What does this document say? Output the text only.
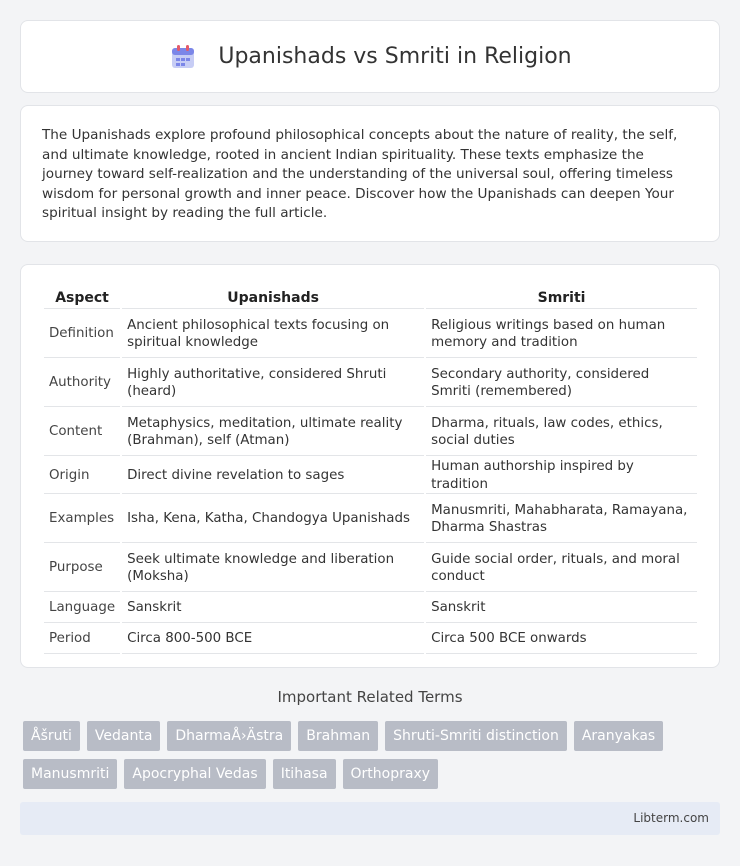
Upanishads vs Smriti in Religion

The Upanishads explore profound philosophical concepts about the nature of reality, the self, and ultimate knowledge, rooted in ancient Indian spirituality. These texts emphasize the journey toward self-realization and the understanding of the universal soul, offering timeless wisdom for personal growth and inner peace. Discover how the Upanishads can deepen Your spiritual insight by reading the full article.

Aspect	Upanishads	Smriti
Definition	Ancient philosophical texts focusing on spiritual knowledge	Religious writings based on human memory and tradition
Authority	Highly authoritative, considered Shruti (heard)	Secondary authority, considered Smriti (remembered)
Content	Metaphysics, meditation, ultimate reality (Brahman), self (Atman)	Dharma, rituals, law codes, ethics, social duties
Origin	Direct divine revelation to sages	Human authorship inspired by tradition
Examples	Isha, Kena, Katha, Chandogya Upanishads	Manusmriti, Mahabharata, Ramayana, Dharma Shastras
Purpose	Seek ultimate knowledge and liberation (Moksha)	Guide social order, rituals, and moral conduct
Language	Sanskrit	Sanskrit
Period	Circa 800-500 BCE	Circa 500 BCE onwards
Important Related Terms
Åšruti	Vedanta	DharmaÅ›Ästra	Brahman	Shruti-Smriti distinction	Aranyakas
Manusmriti	Apocryphal Vedas	Itihasa	Orthopraxy
Libterm.com
